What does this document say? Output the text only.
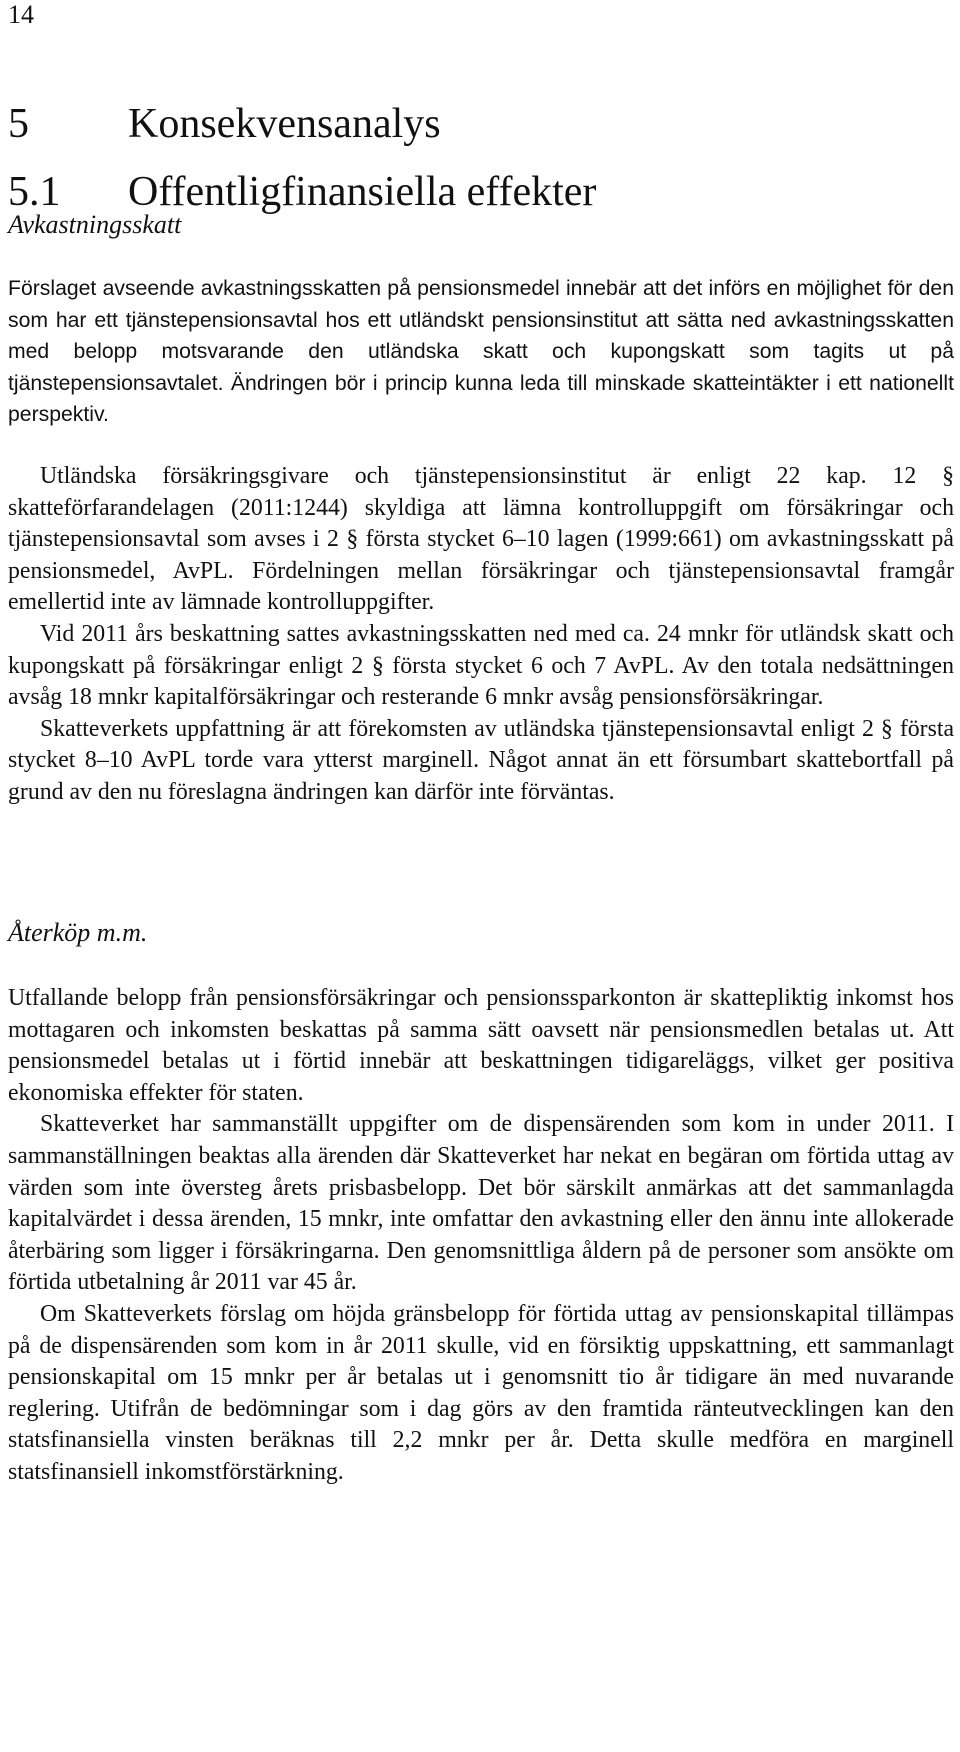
14
5 Konsekvensanalys
5.1 Offentligfinansiella effekter
Avkastningsskatt

Förslaget avseende avkastningsskatten på pensionsmedel innebär att det införs en möjlighet för den som har ett tjänstepensionsavtal hos ett utländskt pensionsinstitut att sätta ned avkastningsskatten med belopp motsvarande den utländska skatt och kupongskatt som tagits ut på tjänstepensionsavtalet. Ändringen bör i princip kunna leda till minskade skatteintäkter i ett nationellt perspektiv.

Utländska försäkringsgivare och tjänstepensionsinstitut är enligt 22 kap. 12 § skatteförfarandelagen (2011:1244) skyldiga att lämna kontrolluppgift om försäkringar och tjänstepensionsavtal som avses i 2 § första stycket 6–10 lagen (1999:661) om avkastningsskatt på pensionsmedel, AvPL. Fördelningen mellan försäkringar och tjänstepensionsavtal framgår emellertid inte av lämnade kontrolluppgifter.

Vid 2011 års beskattning sattes avkastningsskatten ned med ca. 24 mnkr för utländsk skatt och kupongskatt på försäkringar enligt 2 § första stycket 6 och 7 AvPL. Av den totala nedsättningen avsåg 18 mnkr kapitalförsäkringar och resterande 6 mnkr avsåg pensionsförsäkringar.

Skatteverkets uppfattning är att förekomsten av utländska tjänstepensionsavtal enligt 2 § första stycket 8–10 AvPL torde vara ytterst marginell. Något annat än ett försumbart skattebortfall på grund av den nu föreslagna ändringen kan därför inte förväntas.

Återköp m.m.

Utfallande belopp från pensionsförsäkringar och pensionssparkonton är skattepliktig inkomst hos mottagaren och inkomsten beskattas på samma sätt oavsett när pensionsmedlen betalas ut. Att pensionsmedel betalas ut i förtid innebär att beskattningen tidigareläggs, vilket ger positiva ekonomiska effekter för staten.

Skatteverket har sammanställt uppgifter om de dispensärenden som kom in under 2011. I sammanställningen beaktas alla ärenden där Skatteverket har nekat en begäran om förtida uttag av värden som inte översteg årets prisbasbelopp. Det bör särskilt anmärkas att det sammanlagda kapitalvärdet i dessa ärenden, 15 mnkr, inte omfattar den avkastning eller den ännu inte allokerade återbäring som ligger i försäkringarna. Den genomsnittliga åldern på de personer som ansökte om förtida utbetalning år 2011 var 45 år.

Om Skatteverkets förslag om höjda gränsbelopp för förtida uttag av pensionskapital tillämpas på de dispensärenden som kom in år 2011 skulle, vid en försiktig uppskattning, ett sammanlagt pensionskapital om 15 mnkr per år betalas ut i genomsnitt tio år tidigare än med nuvarande reglering. Utifrån de bedömningar som i dag görs av den framtida ränteutvecklingen kan den statsfinansiella vinsten beräknas till 2,2 mnkr per år. Detta skulle medföra en marginell statsfinansiell inkomstförstärkning.
